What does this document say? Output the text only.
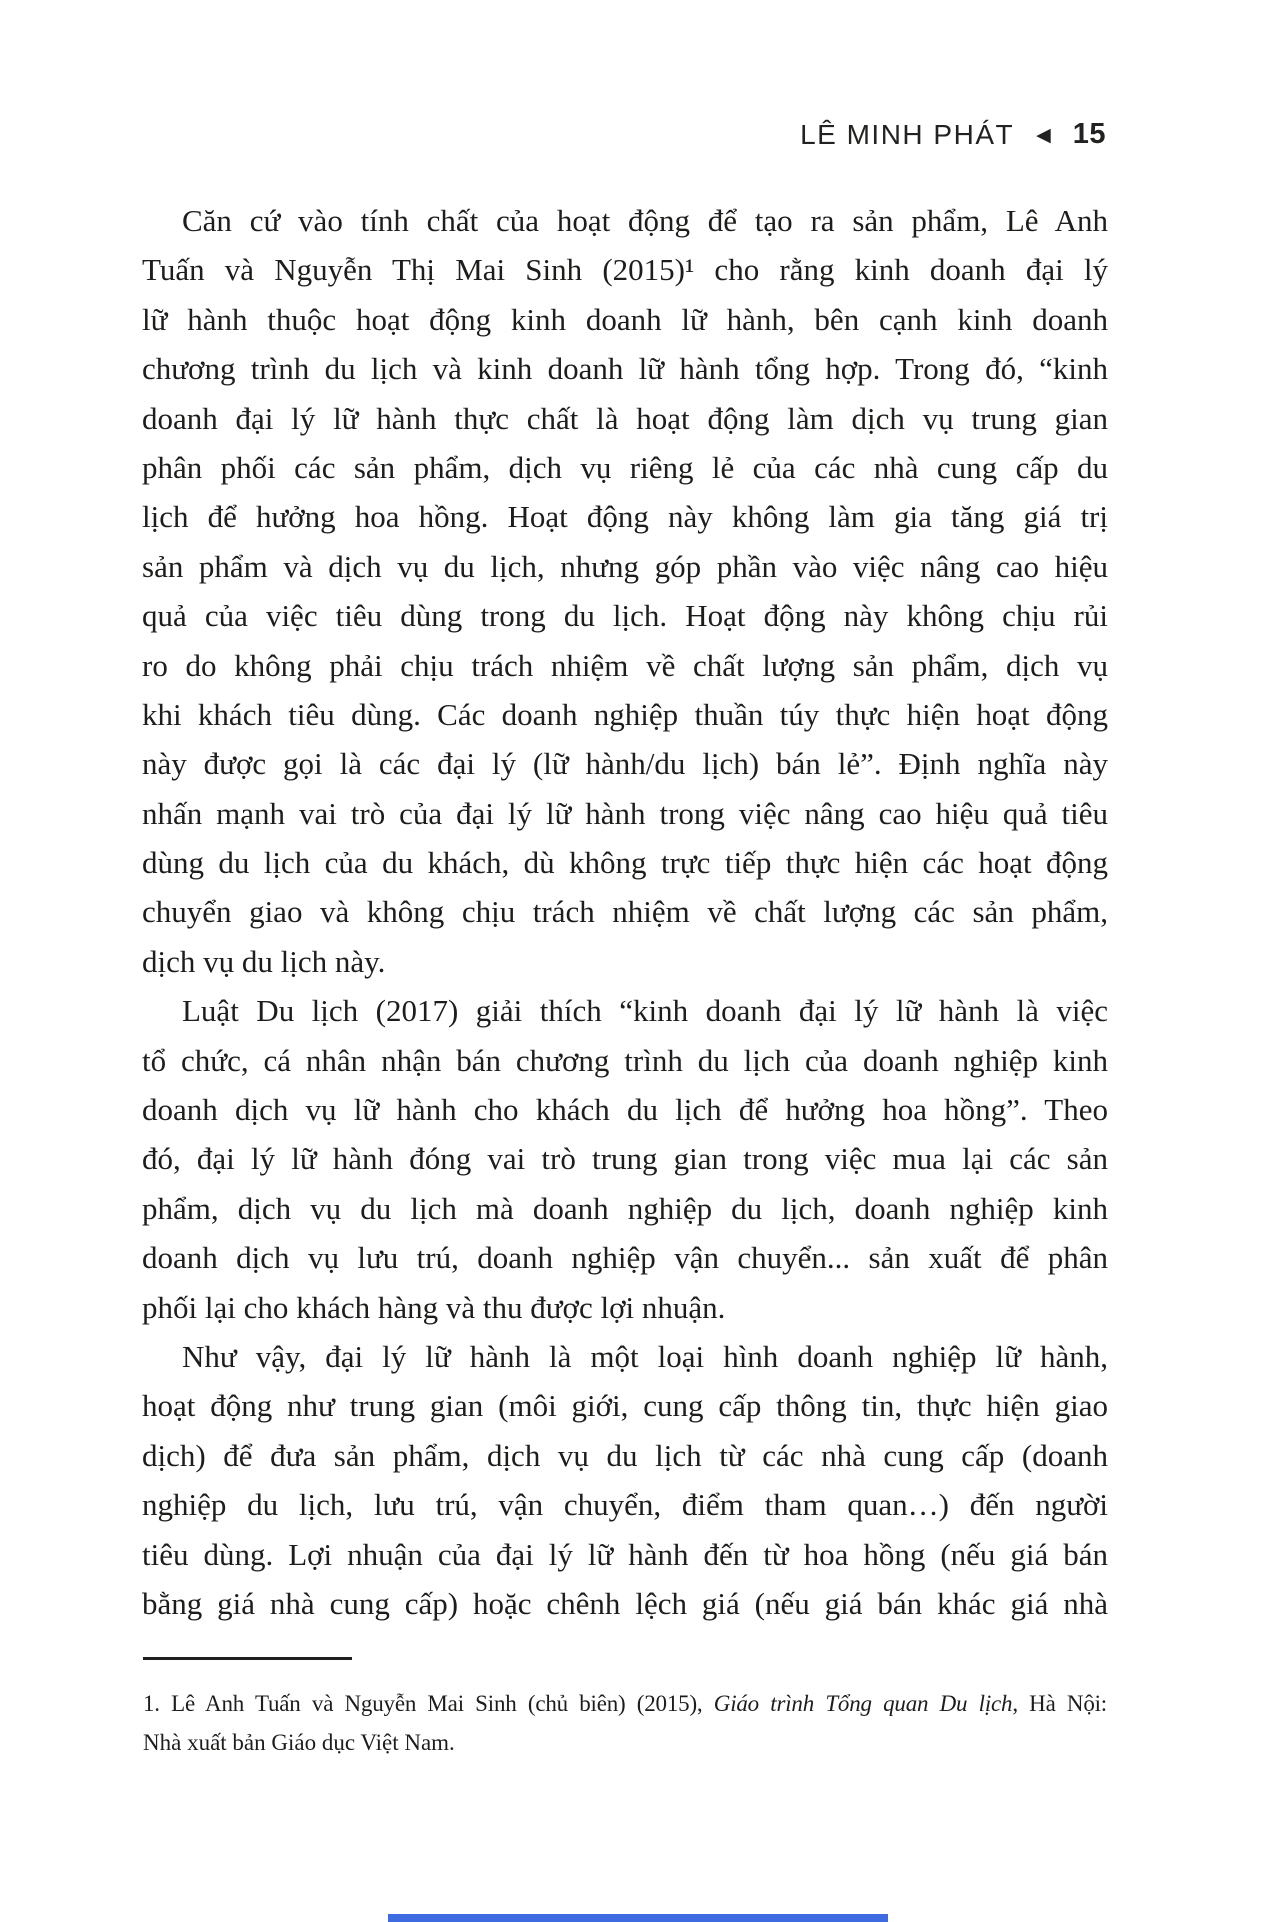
LÊ MINH PHÁT ◀ 15
Căn cứ vào tính chất của hoạt động để tạo ra sản phẩm, Lê Anh
Tuấn và Nguyễn Thị Mai Sinh (2015)¹ cho rằng kinh doanh đại lý
lữ hành thuộc hoạt động kinh doanh lữ hành, bên cạnh kinh doanh
chương trình du lịch và kinh doanh lữ hành tổng hợp. Trong đó, “kinh
doanh đại lý lữ hành thực chất là hoạt động làm dịch vụ trung gian
phân phối các sản phẩm, dịch vụ riêng lẻ của các nhà cung cấp du
lịch để hưởng hoa hồng. Hoạt động này không làm gia tăng giá trị
sản phẩm và dịch vụ du lịch, nhưng góp phần vào việc nâng cao hiệu
quả của việc tiêu dùng trong du lịch. Hoạt động này không chịu rủi
ro do không phải chịu trách nhiệm về chất lượng sản phẩm, dịch vụ
khi khách tiêu dùng. Các doanh nghiệp thuần túy thực hiện hoạt động
này được gọi là các đại lý (lữ hành/du lịch) bán lẻ”. Định nghĩa này
nhấn mạnh vai trò của đại lý lữ hành trong việc nâng cao hiệu quả tiêu
dùng du lịch của du khách, dù không trực tiếp thực hiện các hoạt động
chuyển giao và không chịu trách nhiệm về chất lượng các sản phẩm,
dịch vụ du lịch này.
Luật Du lịch (2017) giải thích “kinh doanh đại lý lữ hành là việc
tổ chức, cá nhân nhận bán chương trình du lịch của doanh nghiệp kinh
doanh dịch vụ lữ hành cho khách du lịch để hưởng hoa hồng”. Theo
đó, đại lý lữ hành đóng vai trò trung gian trong việc mua lại các sản
phẩm, dịch vụ du lịch mà doanh nghiệp du lịch, doanh nghiệp kinh
doanh dịch vụ lưu trú, doanh nghiệp vận chuyển... sản xuất để phân
phối lại cho khách hàng và thu được lợi nhuận.
Như vậy, đại lý lữ hành là một loại hình doanh nghiệp lữ hành,
hoạt động như trung gian (môi giới, cung cấp thông tin, thực hiện giao
dịch) để đưa sản phẩm, dịch vụ du lịch từ các nhà cung cấp (doanh
nghiệp du lịch, lưu trú, vận chuyển, điểm tham quan…) đến người
tiêu dùng. Lợi nhuận của đại lý lữ hành đến từ hoa hồng (nếu giá bán
bằng giá nhà cung cấp) hoặc chênh lệch giá (nếu giá bán khác giá nhà
1. Lê Anh Tuấn và Nguyễn Mai Sinh (chủ biên) (2015), Giáo trình Tổng quan Du lịch, Hà Nội:
Nhà xuất bản Giáo dục Việt Nam.
